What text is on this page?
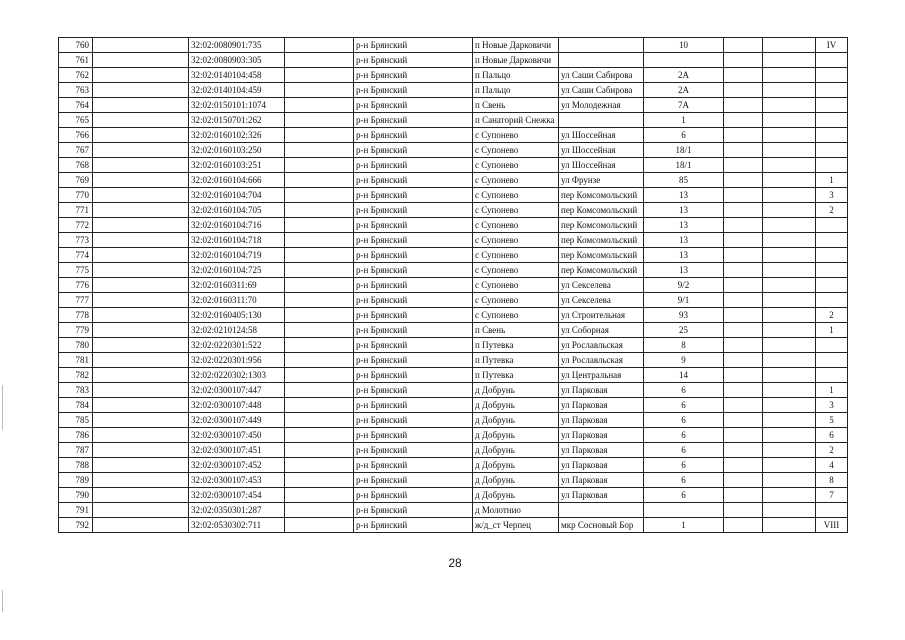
760		32:02:0080901:735		р-н Брянский	п Новые Дарковичи		10			IV
761		32:02:0080903:305		р-н Брянский	п Новые Дарковичи					
762		32:02:0140104:458		р-н Брянский	п Пальцо	ул Саши Сабирова	2А			
763		32:02:0140104:459		р-н Брянский	п Пальцо	ул Саши Сабирова	2А			
764		32:02:0150101:1074		р-н Брянский	п Свень	ул Молодежная	7А			
765		32:02:0150701:262		р-н Брянский	п Санаторий Снежка		1			
766		32:02:0160102:326		р-н Брянский	с Супонево	ул Шоссейная	6			
767		32:02:0160103:250		р-н Брянский	с Супонево	ул Шоссейная	18/1			
768		32:02:0160103:251		р-н Брянский	с Супонево	ул Шоссейная	18/1			
769		32:02:0160104:666		р-н Брянский	с Супонево	ул Фрунзе	85			1
770		32:02:0160104:704		р-н Брянский	с Супонево	пер Комсомольский	13			3
771		32:02:0160104:705		р-н Брянский	с Супонево	пер Комсомольский	13			2
772		32:02:0160104:716		р-н Брянский	с Супонево	пер Комсомольский	13			
773		32:02:0160104:718		р-н Брянский	с Супонево	пер Комсомольский	13			
774		32:02:0160104:719		р-н Брянский	с Супонево	пер Комсомольский	13			
775		32:02:0160104:725		р-н Брянский	с Супонево	пер Комсомольский	13			
776		32:02:0160311:69		р-н Брянский	с Супонево	ул Секселева	9/2			
777		32:02:0160311:70		р-н Брянский	с Супонево	ул Секселева	9/1			
778		32:02:0160405:130		р-н Брянский	с Супонево	ул Строительная	93			2
779		32:02:0210124:58		р-н Брянский	п Свень	ул Соборная	25			1
780		32:02:0220301:522		р-н Брянский	п Путевка	ул Рославльская	8			
781		32:02:0220301:956		р-н Брянский	п Путевка	ул Рославльская	9			
782		32:02:0220302:1303		р-н Брянский	п Путевка	ул Центральная	14			
783		32:02:0300107:447		р-н Брянский	д Добрунь	ул Парковая	6			1
784		32:02:0300107:448		р-н Брянский	д Добрунь	ул Парковая	6			3
785		32:02:0300107:449		р-н Брянский	д Добрунь	ул Парковая	6			5
786		32:02:0300107:450		р-н Брянский	д Добрунь	ул Парковая	6			6
787		32:02:0300107:451		р-н Брянский	д Добрунь	ул Парковая	6			2
788		32:02:0300107:452		р-н Брянский	д Добрунь	ул Парковая	6			4
789		32:02:0300107:453		р-н Брянский	д Добрунь	ул Парковая	6			8
790		32:02:0300107:454		р-н Брянский	д Добрунь	ул Парковая	6			7
791		32:02:0350301:287		р-н Брянский	д Молотнио					
792		32:02:0530302:711		р-н Брянский	ж/д_ст Черпец	мкр Сосновый Бор	1			VIII
28
